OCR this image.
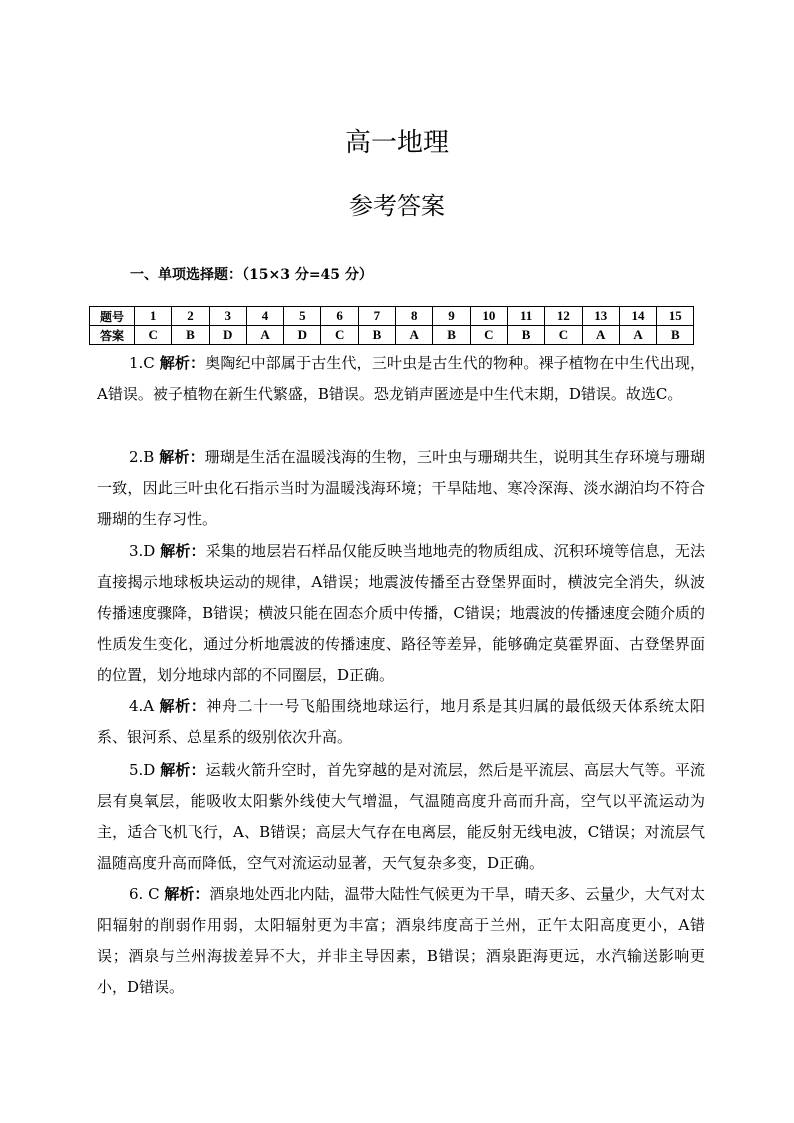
高一地理
参考答案
一、单项选择题：（15×3 分=45 分）
题号	1	2	3	4	5	6	7	8	9	10	11	12	13	14	15
答案	C	B	D	A	D	C	B	A	B	C	B	C	A	A	B

1.C 解析：奥陶纪中部属于古生代，三叶虫是古生代的物种。裸子植物在中生代出现，A错误。被子植物在新生代繁盛，B错误。恐龙销声匿迹是中生代末期，D错误。故选C。

2.B 解析：珊瑚是生活在温暖浅海的生物，三叶虫与珊瑚共生，说明其生存环境与珊瑚一致，因此三叶虫化石指示当时为温暖浅海环境；干旱陆地、寒冷深海、淡水湖泊均不符合珊瑚的生存习性。

3.D 解析：采集的地层岩石样品仅能反映当地地壳的物质组成、沉积环境等信息，无法直接揭示地球板块运动的规律，A错误；地震波传播至古登堡界面时，横波完全消失，纵波传播速度骤降，B错误；横波只能在固态介质中传播，C错误；地震波的传播速度会随介质的性质发生变化，通过分析地震波的传播速度、路径等差异，能够确定莫霍界面、古登堡界面的位置，划分地球内部的不同圈层，D正确。

4.A 解析：神舟二十一号飞船围绕地球运行，地月系是其归属的最低级天体系统太阳系、银河系、总星系的级别依次升高。

5.D 解析：运载火箭升空时，首先穿越的是对流层，然后是平流层、高层大气等。平流层有臭氧层，能吸收太阳紫外线使大气增温，气温随高度升高而升高，空气以平流运动为主，适合飞机飞行，A、B错误；高层大气存在电离层，能反射无线电波，C错误；对流层气温随高度升高而降低，空气对流运动显著，天气复杂多变，D正确。

6. C 解析：酒泉地处西北内陆，温带大陆性气候更为干旱，晴天多、云量少，大气对太阳辐射的削弱作用弱，太阳辐射更为丰富；酒泉纬度高于兰州，正午太阳高度更小，A错误；酒泉与兰州海拔差异不大，并非主导因素，B错误；酒泉距海更远，水汽输送影响更小，D错误。
